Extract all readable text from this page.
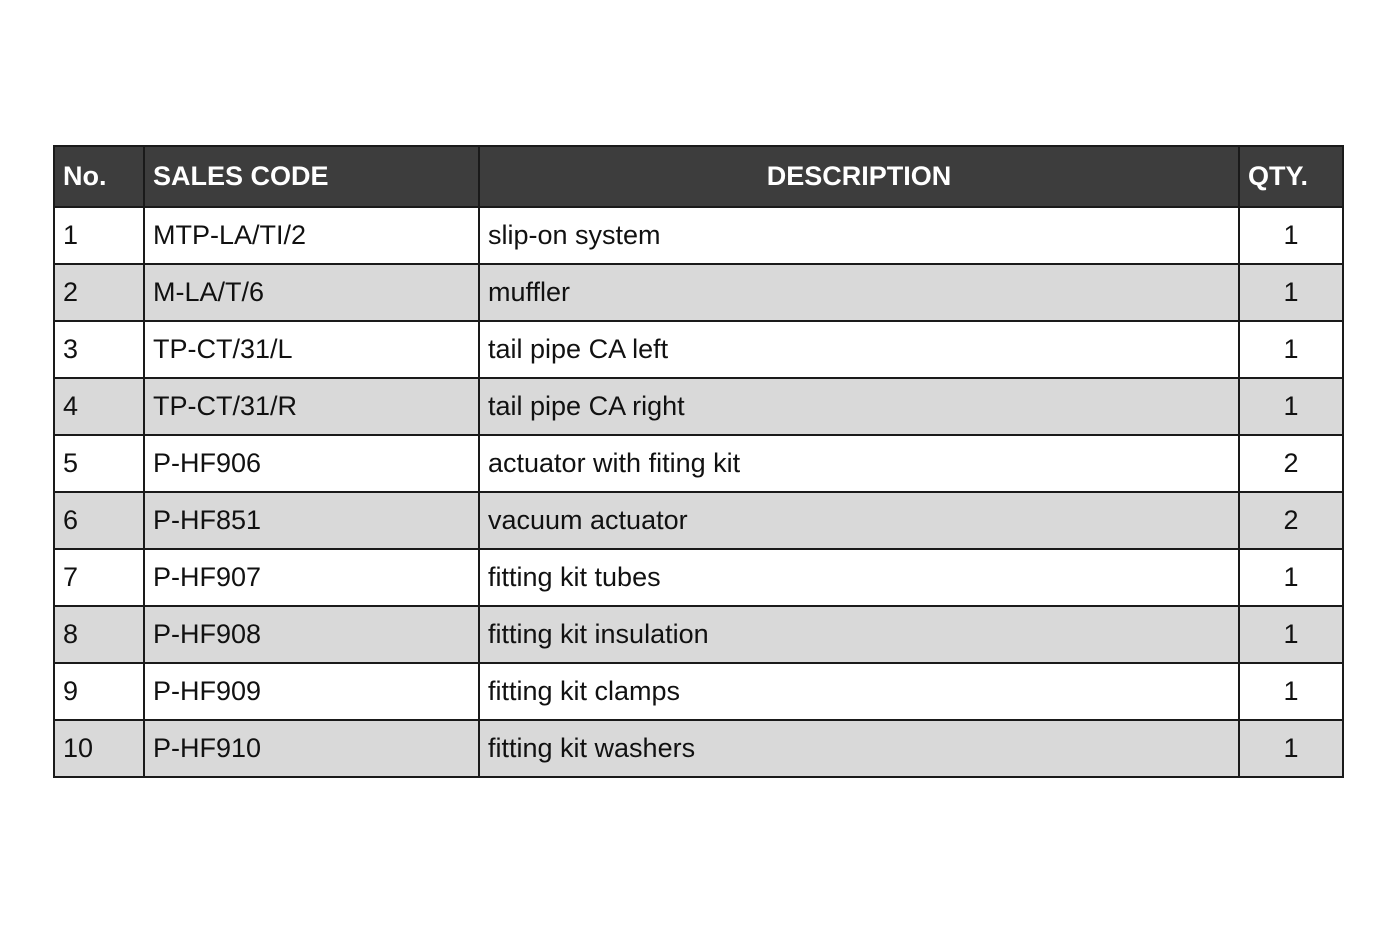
No.	SALES CODE	DESCRIPTION	QTY.
1	MTP-LA/TI/2	slip-on system	1
2	M-LA/T/6	muffler	1
3	TP-CT/31/L	tail pipe CA left	1
4	TP-CT/31/R	tail pipe CA right	1
5	P-HF906	actuator with fiting kit	2
6	P-HF851	vacuum actuator	2
7	P-HF907	fitting kit tubes	1
8	P-HF908	fitting kit insulation	1
9	P-HF909	fitting kit clamps	1
10	P-HF910	fitting kit washers	1
